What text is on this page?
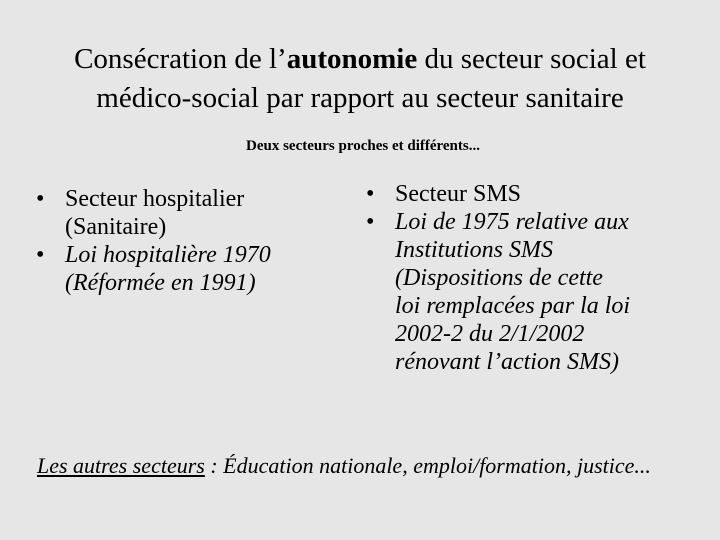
Consécration de l’autonomie du secteur social et
médico-social par rapport au secteur sanitaire
Deux secteurs proches et différents...
• Secteur hospitalier
(Sanitaire)
• Loi hospitalière 1970
(Réformée en 1991)
• Secteur SMS
• Loi de 1975 relative aux
Institutions SMS
(Dispositions de cette
loi remplacées par la loi
2002-2 du 2/1/2002
rénovant l’action SMS)
Les autres secteurs : Éducation nationale, emploi/formation, justice...
